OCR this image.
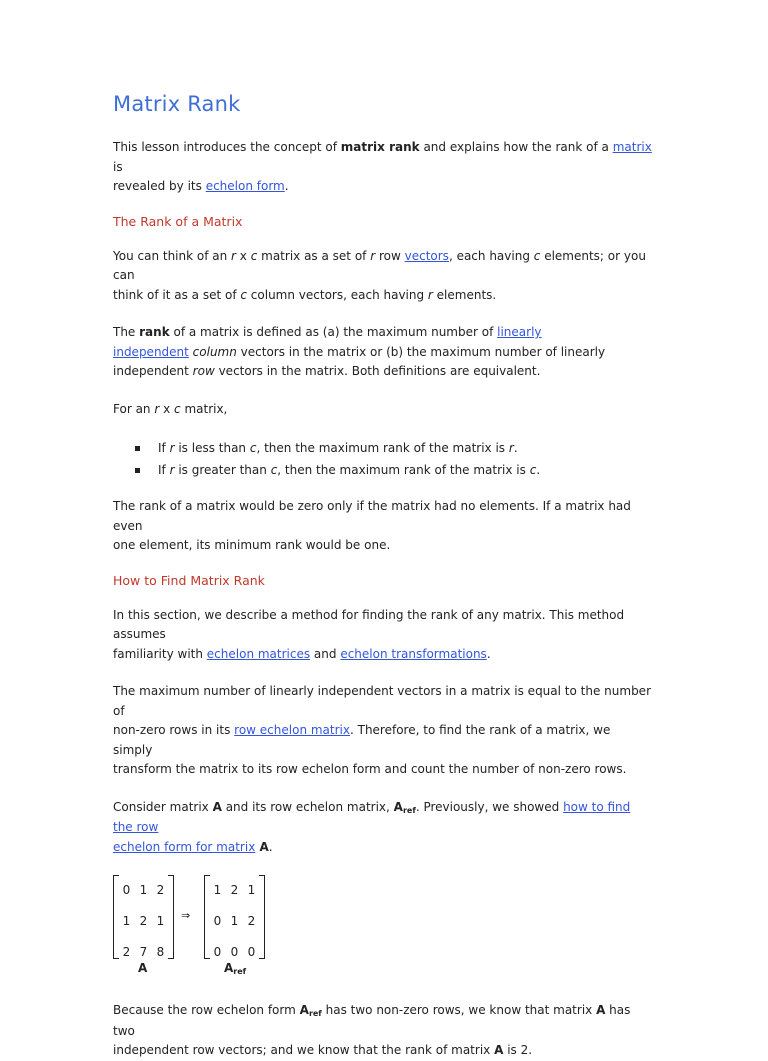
Matrix Rank

This lesson introduces the concept of matrix rank and explains how the rank of a matrix is
revealed by its echelon form.

The Rank of a Matrix

You can think of an r x c matrix as a set of r row vectors, each having c elements; or you can
think of it as a set of c column vectors, each having r elements.

The rank of a matrix is defined as (a) the maximum number of linearly
independent column vectors in the matrix or (b) the maximum number of linearly
independent row vectors in the matrix. Both definitions are equivalent.

For an r x c matrix,

If r is less than c, then the maximum rank of the matrix is r.
If r is greater than c, then the maximum rank of the matrix is c.

The rank of a matrix would be zero only if the matrix had no elements. If a matrix had even
one element, its minimum rank would be one.

How to Find Matrix Rank

In this section, we describe a method for finding the rank of any matrix. This method assumes
familiarity with echelon matrices and echelon transformations.

The maximum number of linearly independent vectors in a matrix is equal to the number of
non-zero rows in its row echelon matrix. Therefore, to find the rank of a matrix, we simply
transform the matrix to its row echelon form and count the number of non-zero rows.

Consider matrix A and its row echelon matrix, Aref. Previously, we showed how to find the row
echelon form for matrix A.

0	1	2
1	2	1
2	7	8
⇒
1	2	1
0	1	2
0	0	0
A	Aref

Because the row echelon form Aref has two non-zero rows, we know that matrix A has two
independent row vectors; and we know that the rank of matrix A is 2.
